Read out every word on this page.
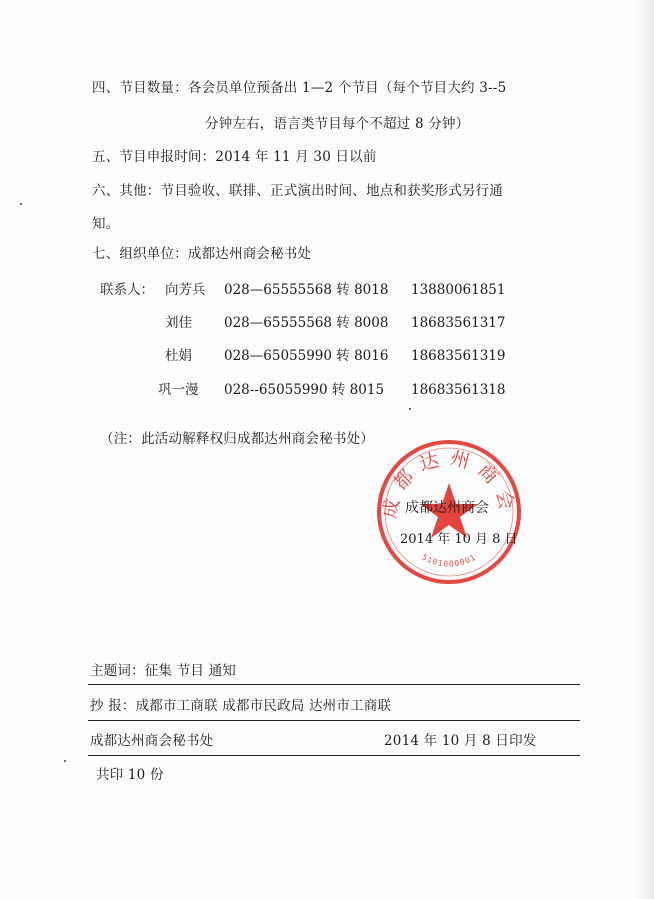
四、节目数量：各会员单位预备出 1—2 个节目（每个节目大约 3--5
分钟左右，语言类节目每个不超过 8 分钟）
五、节目申报时间：2014 年 11 月 30 日以前
六、其他：节目验收、联排、正式演出时间、地点和获奖形式另行通
知。
七、组织单位：成都达州商会秘书处
联系人： 向芳兵 028—65555568 转 8018 13880061851
刘佳 028—65555568 转 8008 18683561317
杜娟 028—65055990 转 8016 18683561319
巩一漫 028--65055990 转 8015 18683561318
（注：此活动解释权归成都达州商会秘书处）
成都达州商会
5101000001
成都达州商会
2014 年 10 月 8 日
主题词：征集 节目 通知
抄 报：成都市工商联 成都市民政局 达州市工商联
成都达州商会秘书处	2014 年 10 月 8 日印发
共印 10 份
